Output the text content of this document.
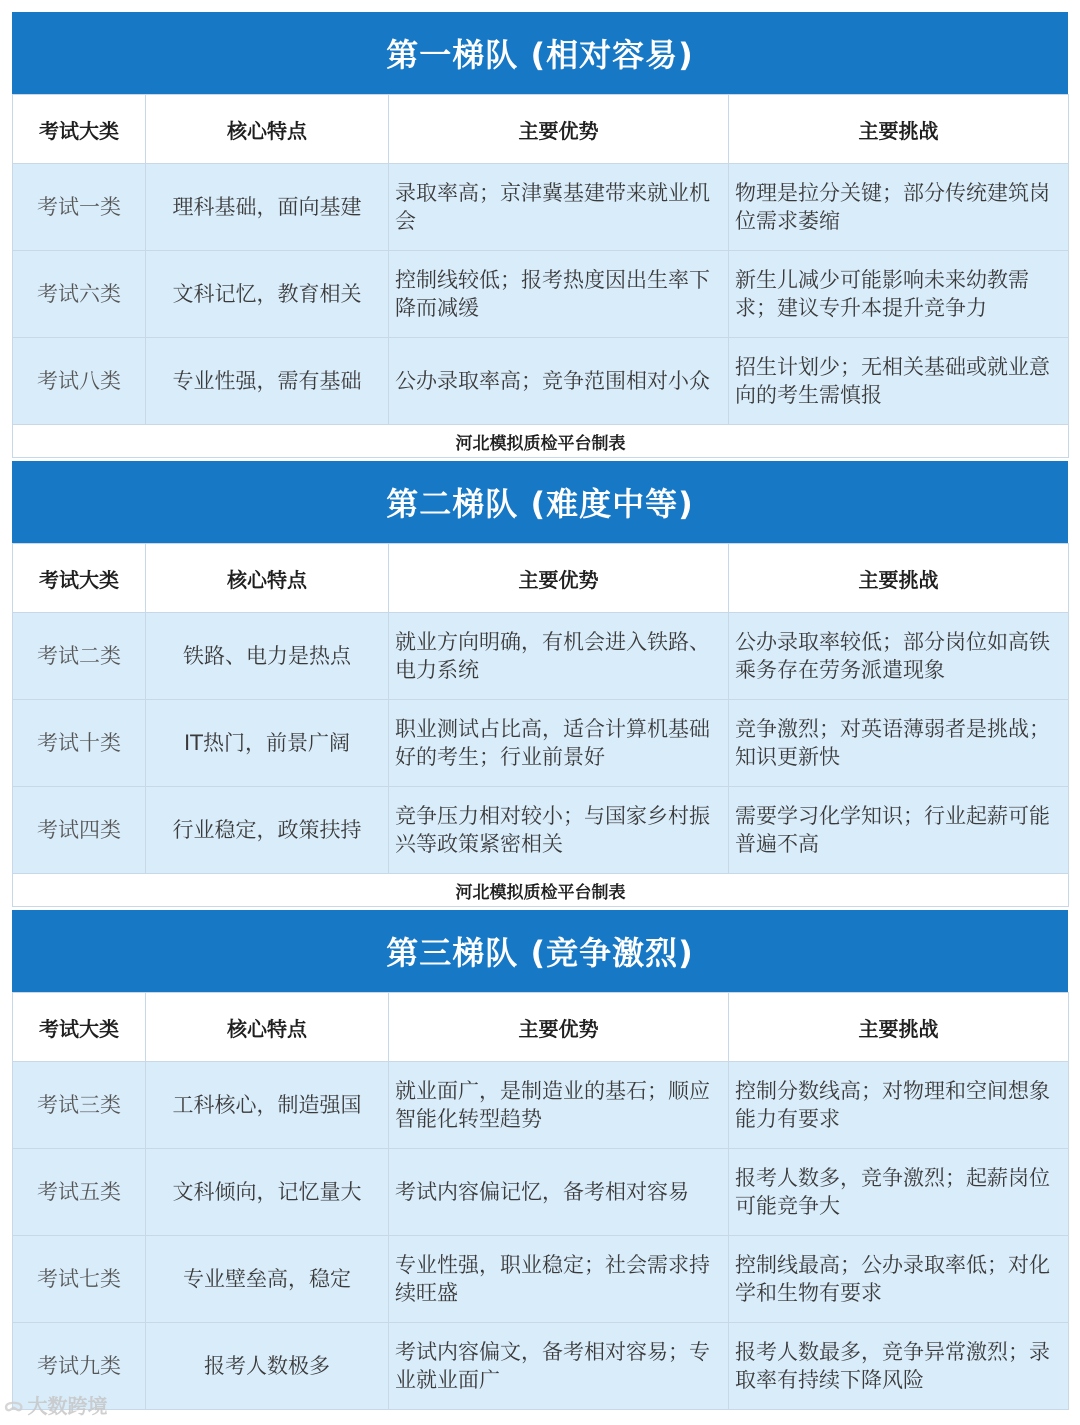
第一梯队 (相对容易)
考试大类	核心特点	主要优势	主要挑战
考试一类	理科基础，面向基建	录取率高；京津冀基建带来就业机会	物理是拉分关键；部分传统建筑岗位需求萎缩
考试六类	文科记忆，教育相关	控制线较低；报考热度因出生率下降而减缓	新生儿减少可能影响未来幼教需求；建议专升本提升竞争力
考试八类	专业性强，需有基础	公办录取率高；竞争范围相对小众	招生计划少；无相关基础或就业意向的考生需慎报
河北模拟质检平台制表			
第二梯队 (难度中等)
考试大类	核心特点	主要优势	主要挑战
考试二类	铁路、电力是热点	就业方向明确，有机会进入铁路、电力系统	公办录取率较低；部分岗位如高铁乘务存在劳务派遣现象
考试十类	IT热门，前景广阔	职业测试占比高，适合计算机基础好的考生；行业前景好	竞争激烈；对英语薄弱者是挑战；知识更新快
考试四类	行业稳定，政策扶持	竞争压力相对较小；与国家乡村振兴等政策紧密相关	需要学习化学知识；行业起薪可能普遍不高
河北模拟质检平台制表			
第三梯队 (竞争激烈)
考试大类	核心特点	主要优势	主要挑战
考试三类	工科核心，制造强国	就业面广，是制造业的基石；顺应智能化转型趋势	控制分数线高；对物理和空间想象能力有要求
考试五类	文科倾向，记忆量大	考试内容偏记忆，备考相对容易	报考人数多，竞争激烈；起薪岗位可能竞争大
考试七类	专业壁垒高，稳定	专业性强，职业稳定；社会需求持续旺盛	控制线最高；公办录取率低；对化学和生物有要求
考试九类	报考人数极多	考试内容偏文，备考相对容易；专业就业面广	报考人数最多，竞争异常激烈；录取率有持续下降风险
ᯅ 大数跨境
